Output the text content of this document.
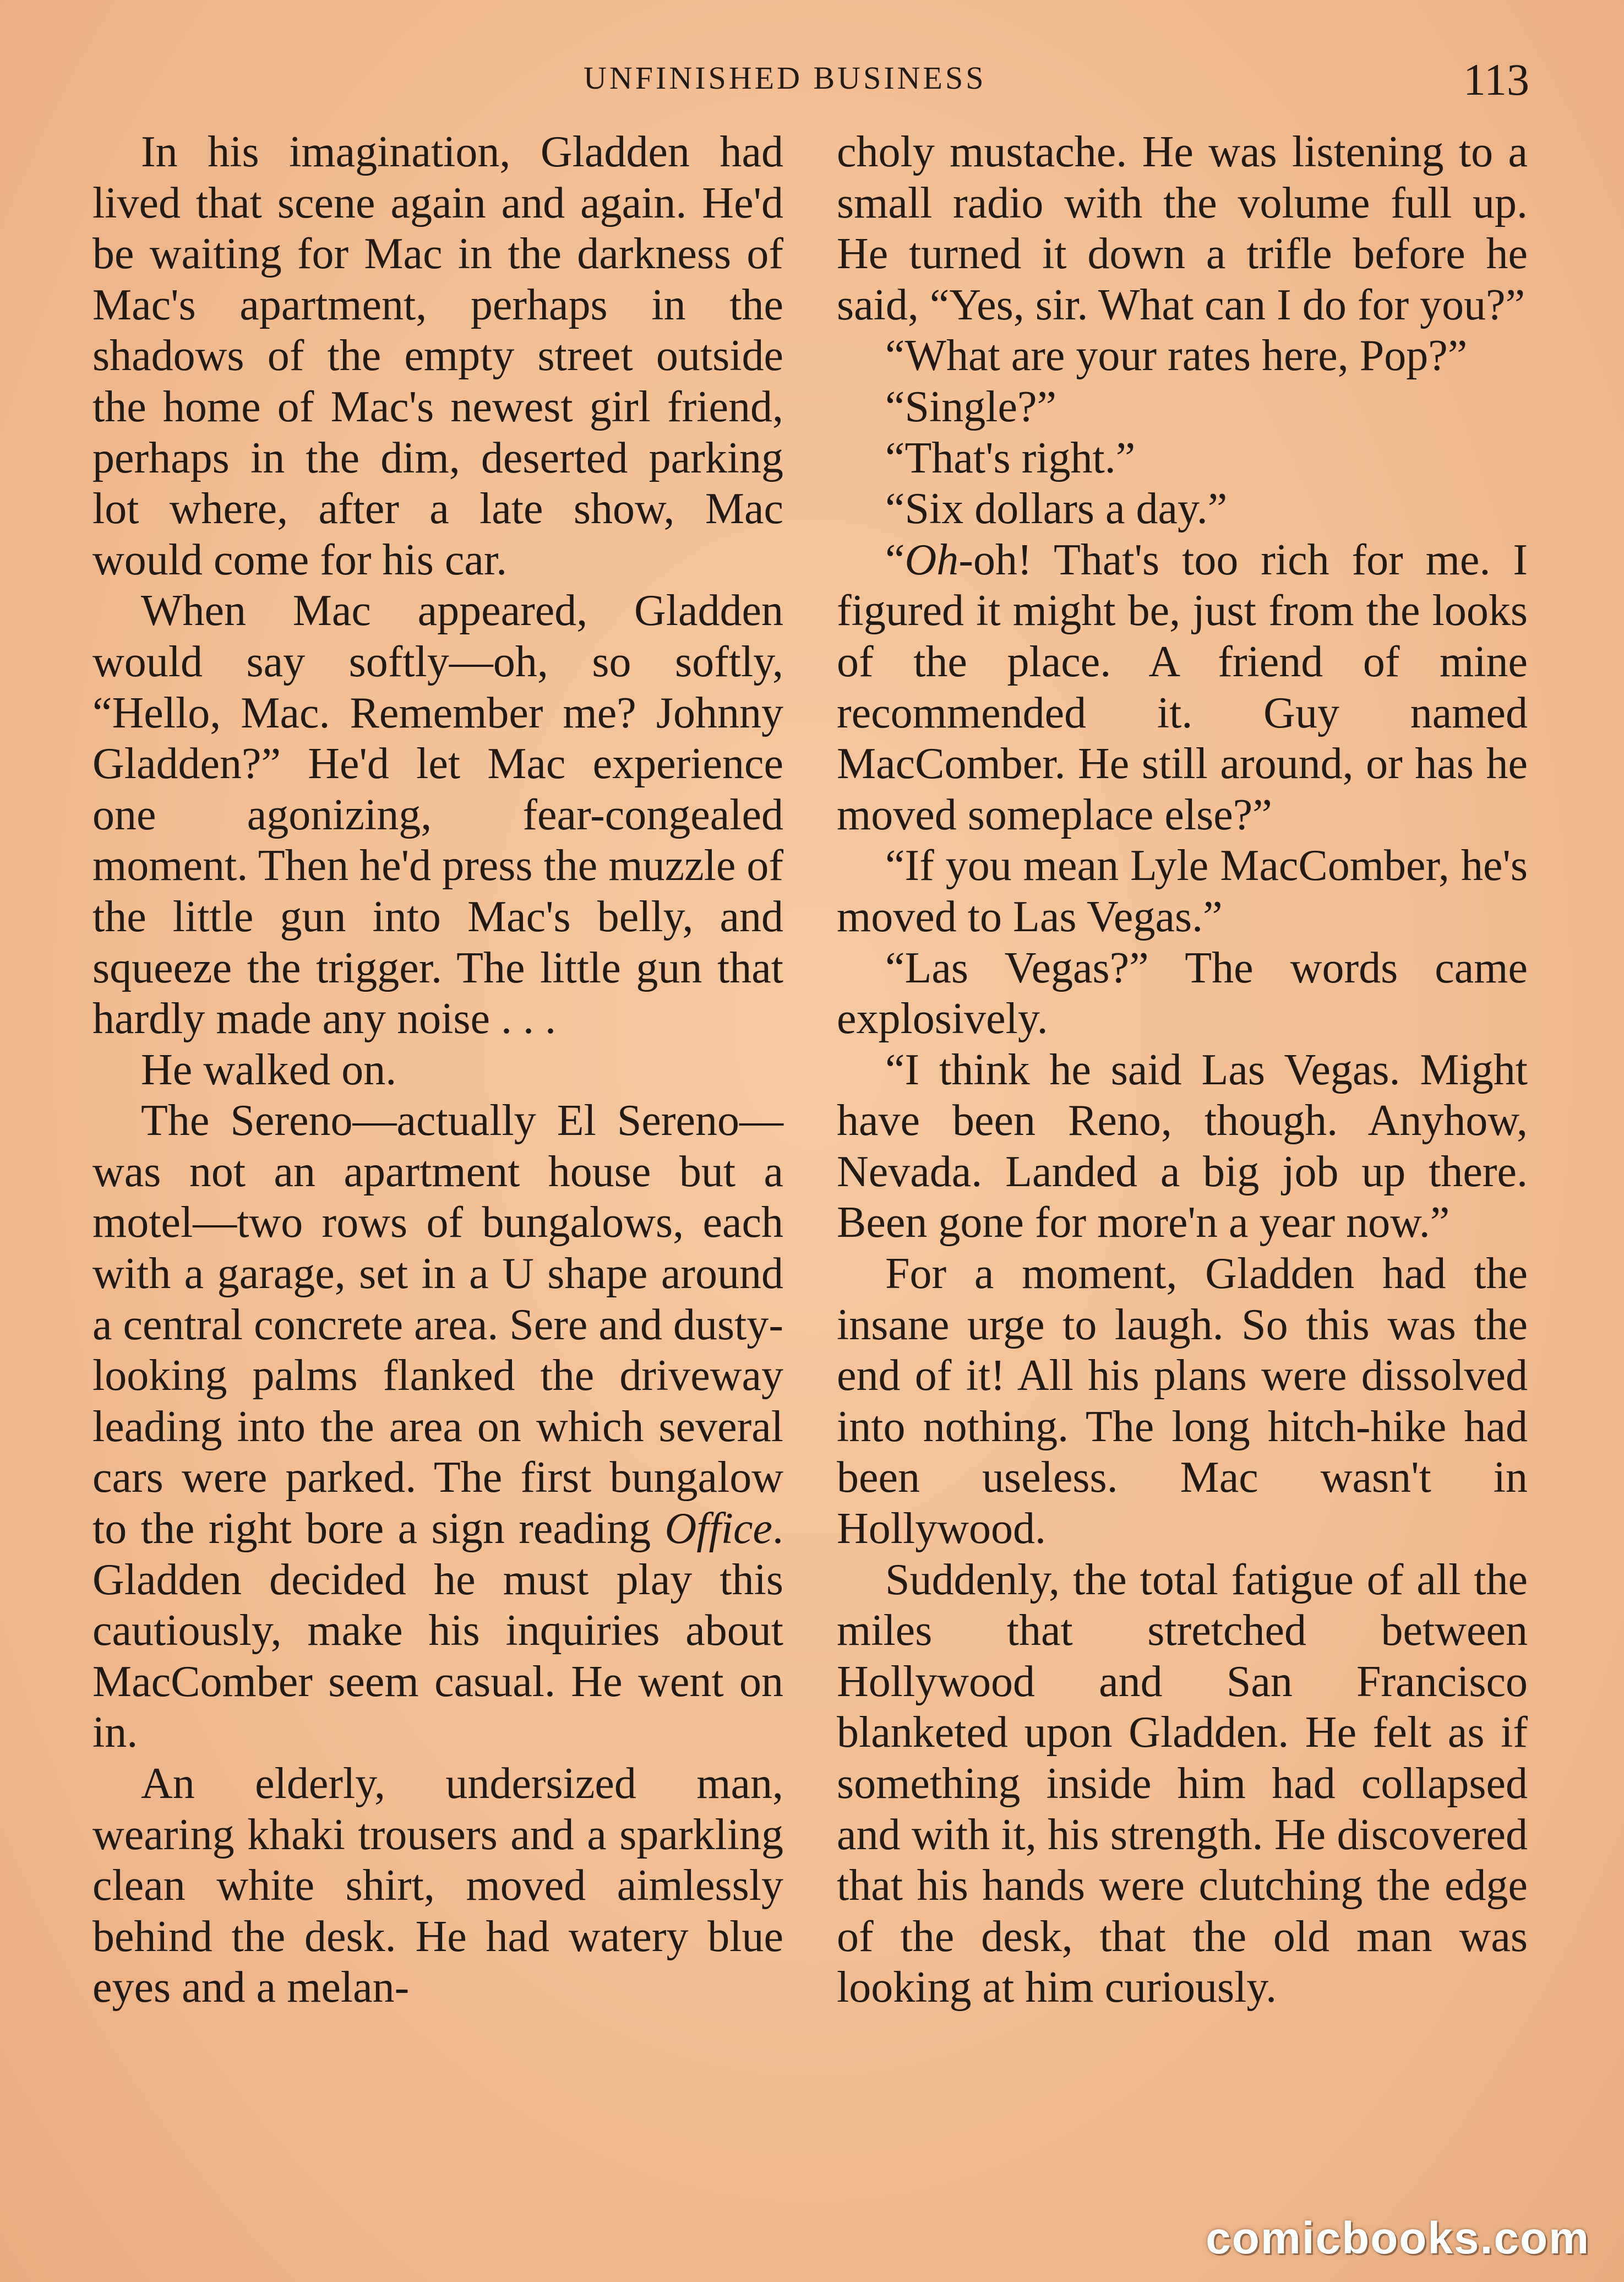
UNFINISHED BUSINESS	113

In his imagination, Gladden had lived that scene again and again. He'd be waiting for Mac in the darkness of Mac's apartment, perhaps in the shadows of the empty street outside the home of Mac's newest girl friend, perhaps in the dim, deserted parking lot where, after a late show, Mac would come for his car.

When Mac appeared, Gladden would say softly—oh, so softly, “Hello, Mac. Remember me? Johnny Gladden?” He'd let Mac experience one agonizing, fear-congealed moment. Then he'd press the muzzle of the little gun into Mac's belly, and squeeze the trigger. The little gun that hardly made any noise . . .

He walked on.

The Sereno—actually El Sereno—was not an apartment house but a motel—two rows of bungalows, each with a garage, set in a U shape around a central concrete area. Sere and dusty-looking palms flanked the driveway leading into the area on which several cars were parked. The first bungalow to the right bore a sign reading Office. Gladden decided he must play this cautiously, make his inquiries about MacComber seem casual. He went on in.

An elderly, undersized man, wearing khaki trousers and a sparkling clean white shirt, moved aimlessly behind the desk. He had watery blue eyes and a melan-

choly mustache. He was listening to a small radio with the volume full up. He turned it down a trifle before he said, “Yes, sir. What can I do for you?”

“What are your rates here, Pop?”

“Single?”

“That's right.”

“Six dollars a day.”

“Oh-oh! That's too rich for me. I figured it might be, just from the looks of the place. A friend of mine recommended it. Guy named MacComber. He still around, or has he moved someplace else?”

“If you mean Lyle MacComber, he's moved to Las Vegas.”

“Las Vegas?” The words came explosively.

“I think he said Las Vegas. Might have been Reno, though. Anyhow, Nevada. Landed a big job up there. Been gone for more'n a year now.”

For a moment, Gladden had the insane urge to laugh. So this was the end of it! All his plans were dissolved into nothing. The long hitch-hike had been useless. Mac wasn't in Hollywood.

Suddenly, the total fatigue of all the miles that stretched between Hollywood and San Francisco blanketed upon Gladden. He felt as if something inside him had collapsed and with it, his strength. He discovered that his hands were clutching the edge of the desk, that the old man was looking at him curiously.

comicbooks.com
